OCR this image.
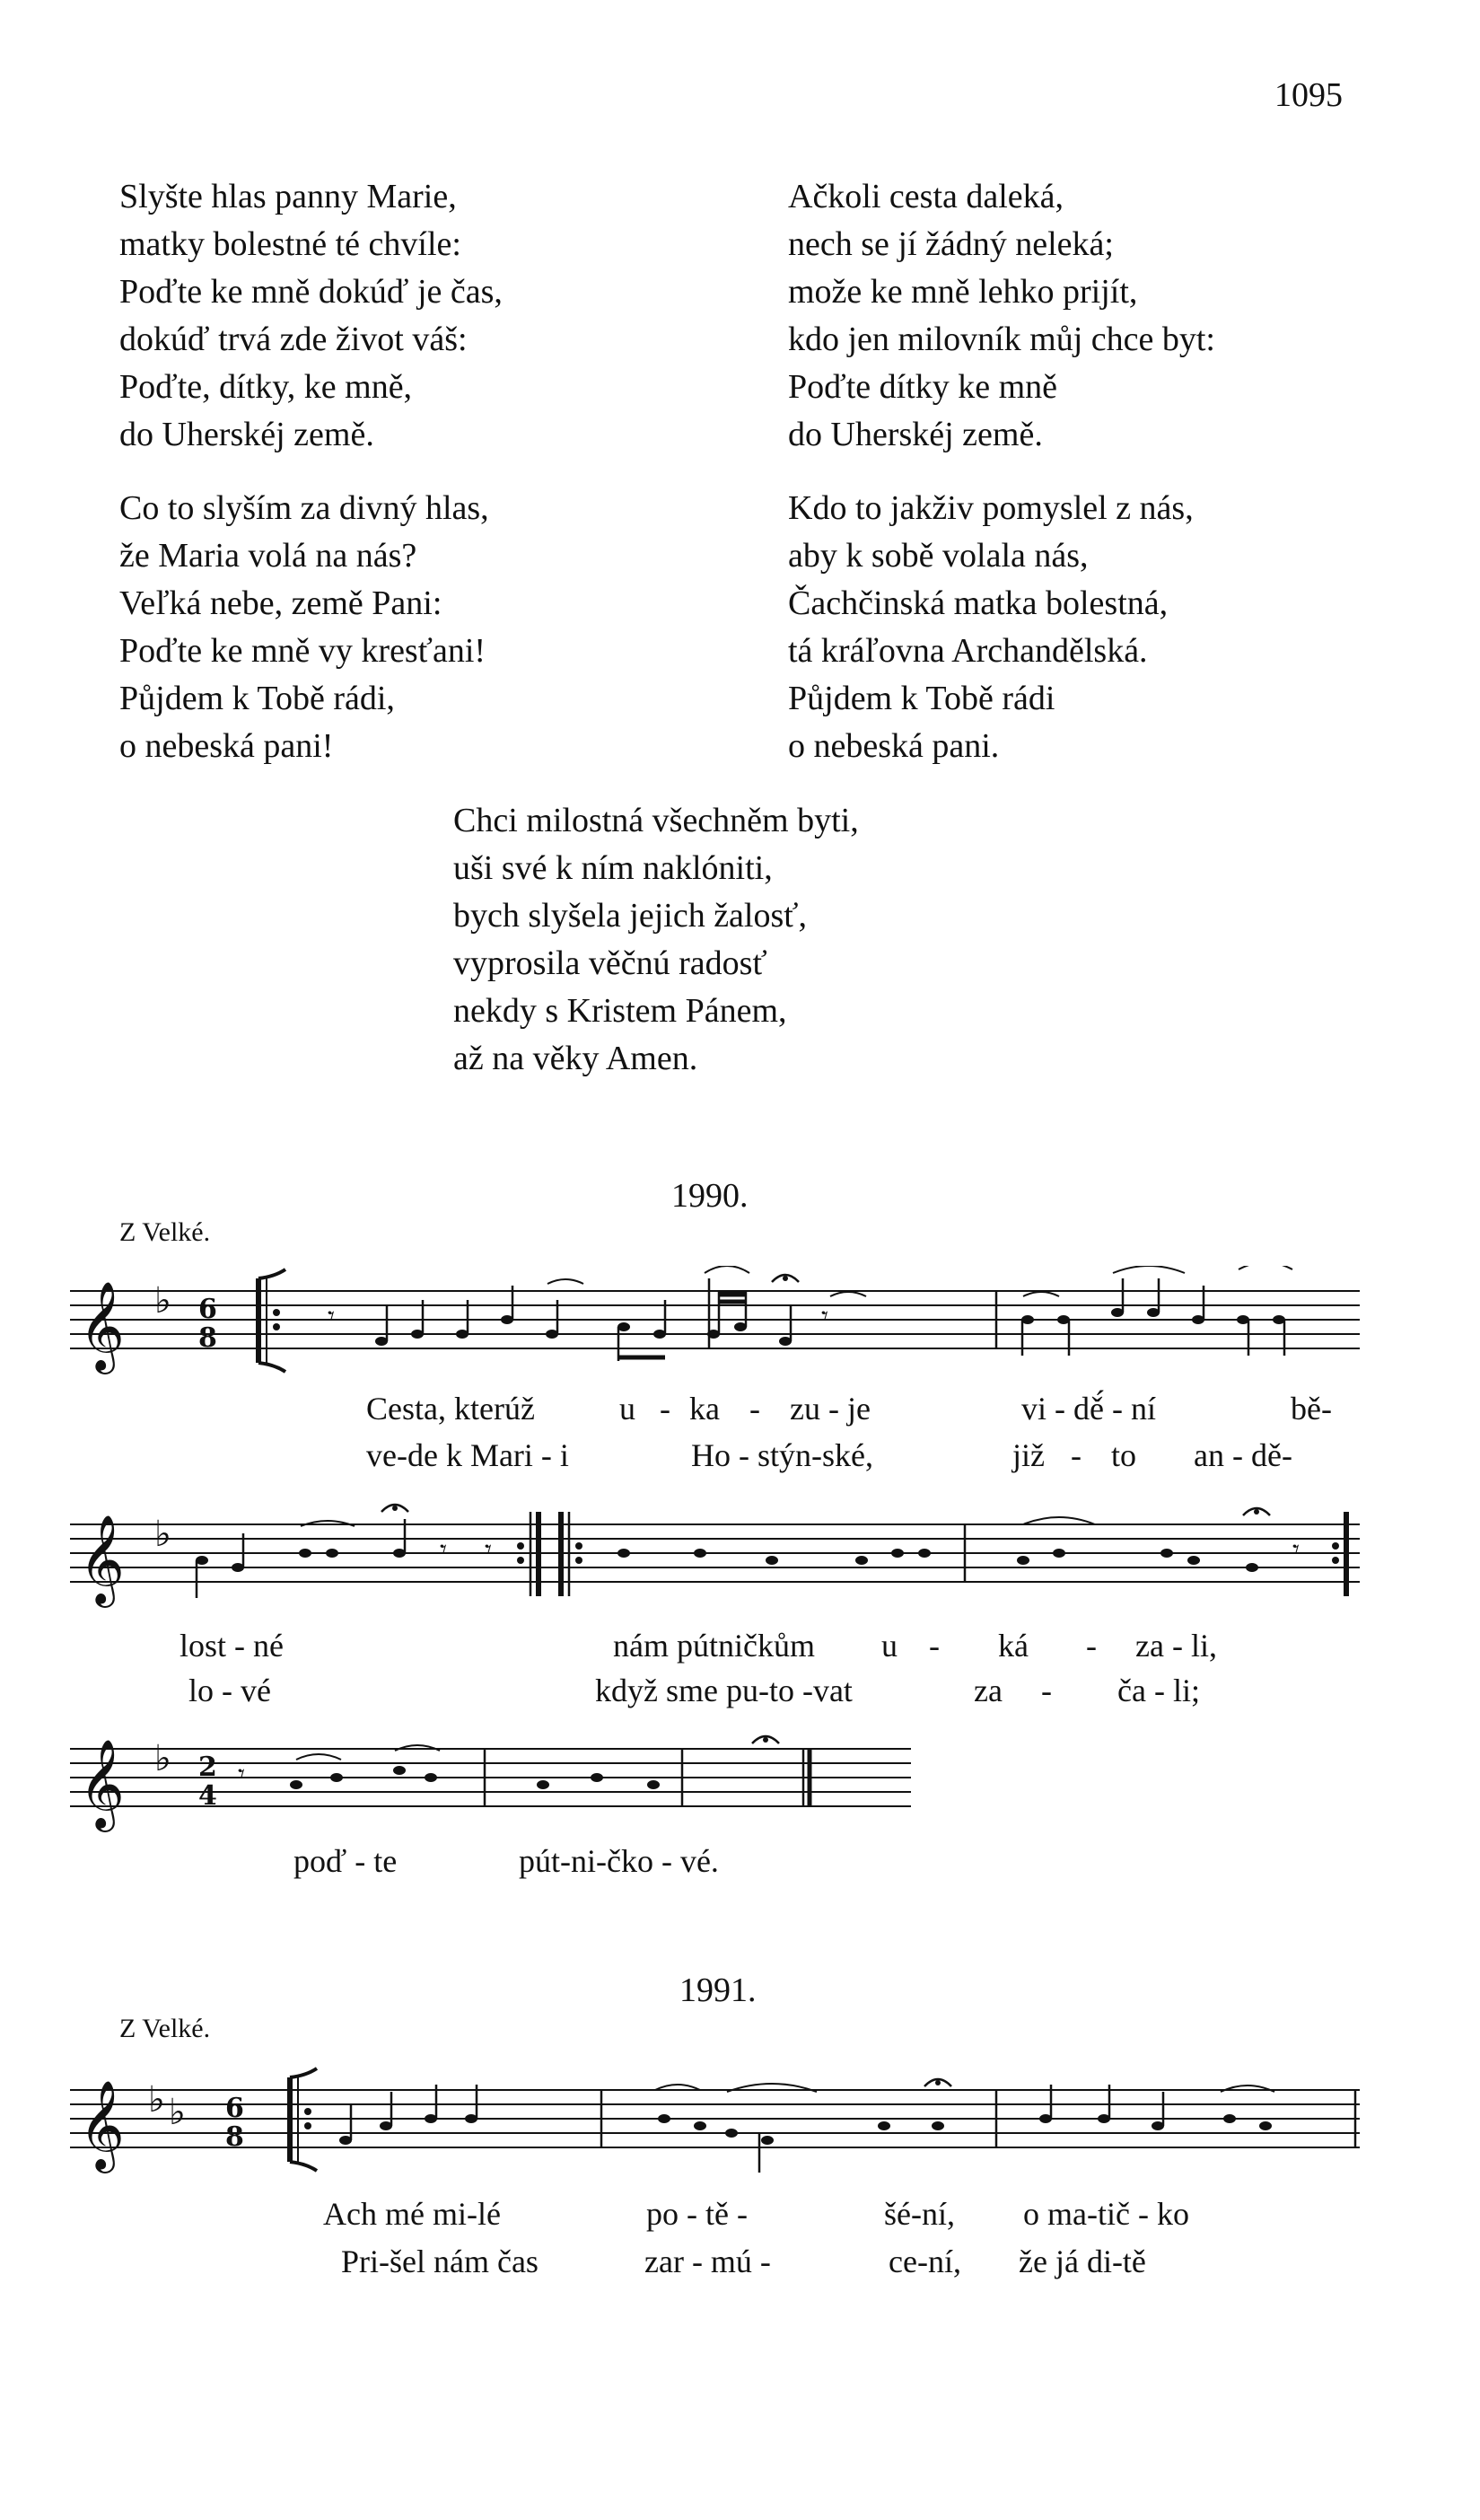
1095
Slyšte hlas panny Marie,
matky bolestné té chvíle:
Poďte ke mně dokúď je čas,
dokúď trvá zde život váš:
Poďte, dítky, ke mně,
do Uherskéj země.
Ačkoli cesta daleká,
nech se jí žádný neleká;
može ke mně lehko prijít,
kdo jen milovník můj chce byt:
Poďte dítky ke mně
do Uherskéj země.
Co to slyším za divný hlas,
že Maria volá na nás?
Veľká nebe, země Pani:
Poďte ke mně vy kresťani!
Půjdem k Tobě rádi,
o nebeská pani!
Kdo to jakživ pomyslel z nás,
aby k sobě volala nás,
Čachčinská matka bolestná,
tá kráľovna Archandělská.
Půjdem k Tobě rádi
o nebeská pani.
Chci milostná všechněm byti,
uši své k ním naklóniti,
bych slyšela jejich žalosť,
vyprosila věčnú radosť
nekdy s Kristem Pánem,
až na věky Amen.
1990.
Z Velké.
𝄞 ♭ 6
8
𝄾	𝄾
Cesta, kterúž	u - ka - zu - je	vi - dě́ - ní	bě-
ve-de k Mari - i	Ho - stýn-ské,	již - to an - dě-
𝄞 ♭	𝄾 𝄾	𝄾
lost - né	nám pútničkům u - ká - za - li,
lo - vé	když sme pu-to -vat	za - ča - li;
𝄞 ♭ 2
4
𝄾
poď - te	pút-ni-čko - vé.
1991.
Z Velké.
𝄞 ♭ ♭ 6
8
Ach mé mi-lé	po - tě -	šé-ní, o ma-tič - ko
Pri-šel nám čas	zar - mú -	ce-ní, že já di-tě
